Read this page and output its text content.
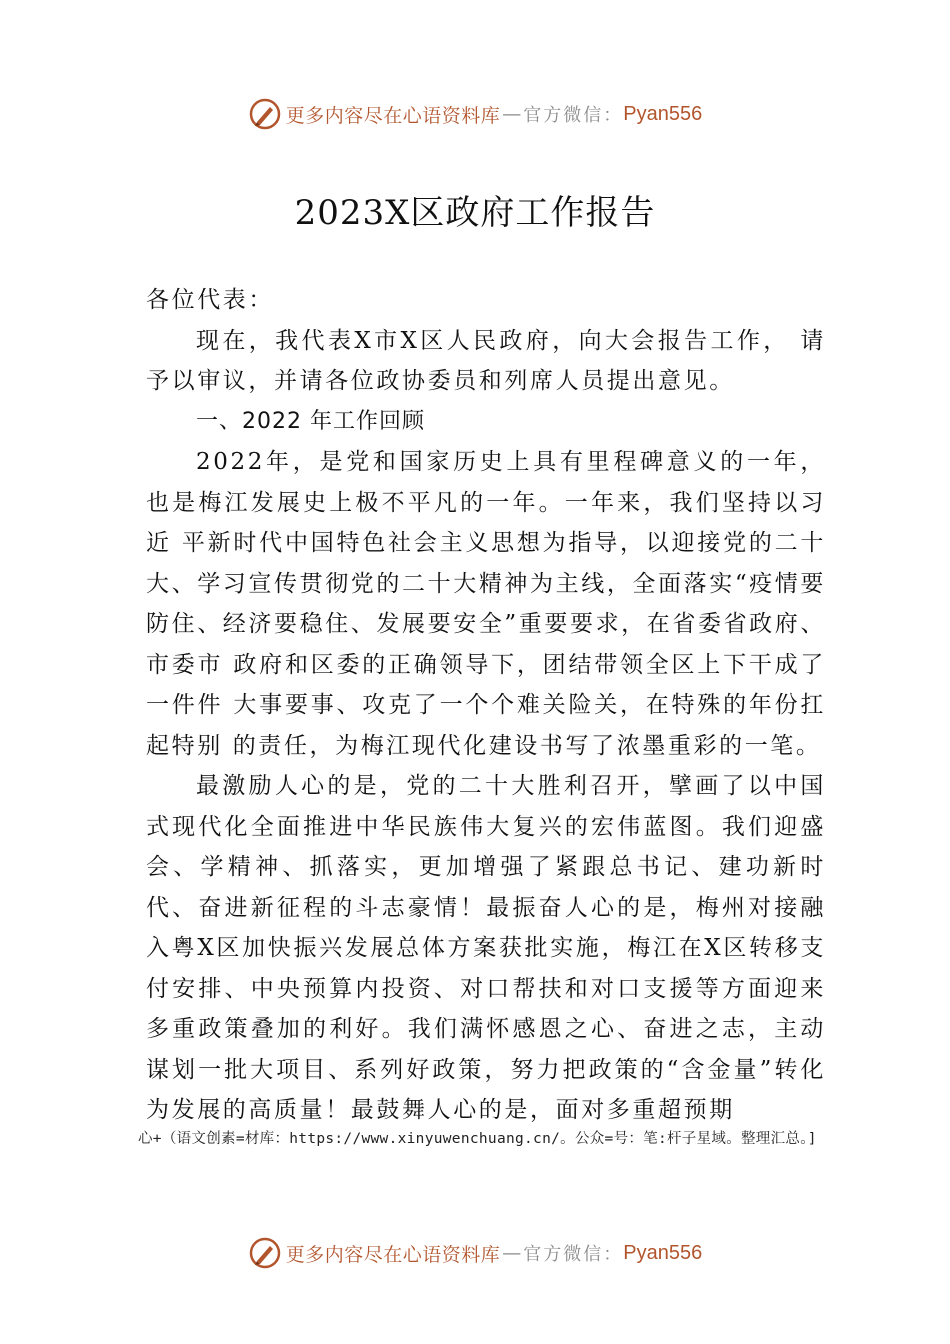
更多内容尽在心语资料库 — 官方微信： Pyan556
2023X区政府工作报告

各位代表：

现在，我代表X市X区人民政府，向大会报告工作， 请予以审议，并请各位政协委员和列席人员提出意见。

一、2022 年工作回顾

2022年，是党和国家历史上具有里程碑意义的一年，也是梅江发展史上极不平凡的一年。一年来，我们坚持以习近 平新时代中国特色社会主义思想为指导，以迎接党的二十大、学习宣传贯彻党的二十大精神为主线，全面落实“疫情要防住、经济要稳住、发展要安全”重要要求，在省委省政府、市委市 政府和区委的正确领导下，团结带领全区上下干成了一件件 大事要事、攻克了一个个难关险关，在特殊的年份扛起特别 的责任，为梅江现代化建设书写了浓墨重彩的一笔。

最激励人心的是，党的二十大胜利召开，擘画了以中国式现代化全面推进中华民族伟大复兴的宏伟蓝图。我们迎盛会、学精神、抓落实，更加增强了紧跟总书记、建功新时代、奋进新征程的斗志豪情！最振奋人心的是，梅州对接融入粤X区加快振兴发展总体方案获批实施，梅江在X区转移支付安排、中央预算内投资、对口帮扶和对口支援等方面迎来多重政策叠加的利好。我们满怀感恩之心、奋进之志，主动谋划一批大项目、系列好政策，努力把政策的“含金量”转化为发展的高质量！最鼓舞人心的是，面对多重超预期

心+（语文创素=材库：https://www.xinyuwenchuang.cn/。公众=号：笔:杆子星域。整理汇总。]
更多内容尽在心语资料库 — 官方微信： Pyan556
